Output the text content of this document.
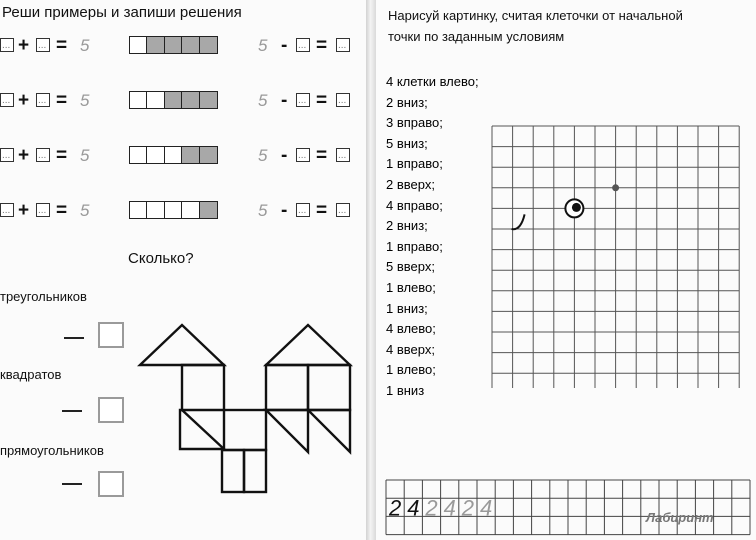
Реши примеры и запиши решения
... + ... = 5	5 - ... = ...
... + ... = 5	5 - ... = ...
... + ... = 5	5 - ... = ...
... + ... = 5	5 - ... = ...
Сколько?
треугольников
квадратов
прямоугольников
Нарисуй картинку, считая клеточки от начальной
точки по заданным условиям
4 клетки влево;
2 вниз;
3 вправо;
5 вниз;
1 вправо;
2 вверх;
4 вправо;
2 вниз;
1 вправо;
5 вверх;
1 влево;
1 вниз;
4 влево;
4 вверх;
1 влево;
1 вниз
2 4 2 4 2 4	Лабиринт
